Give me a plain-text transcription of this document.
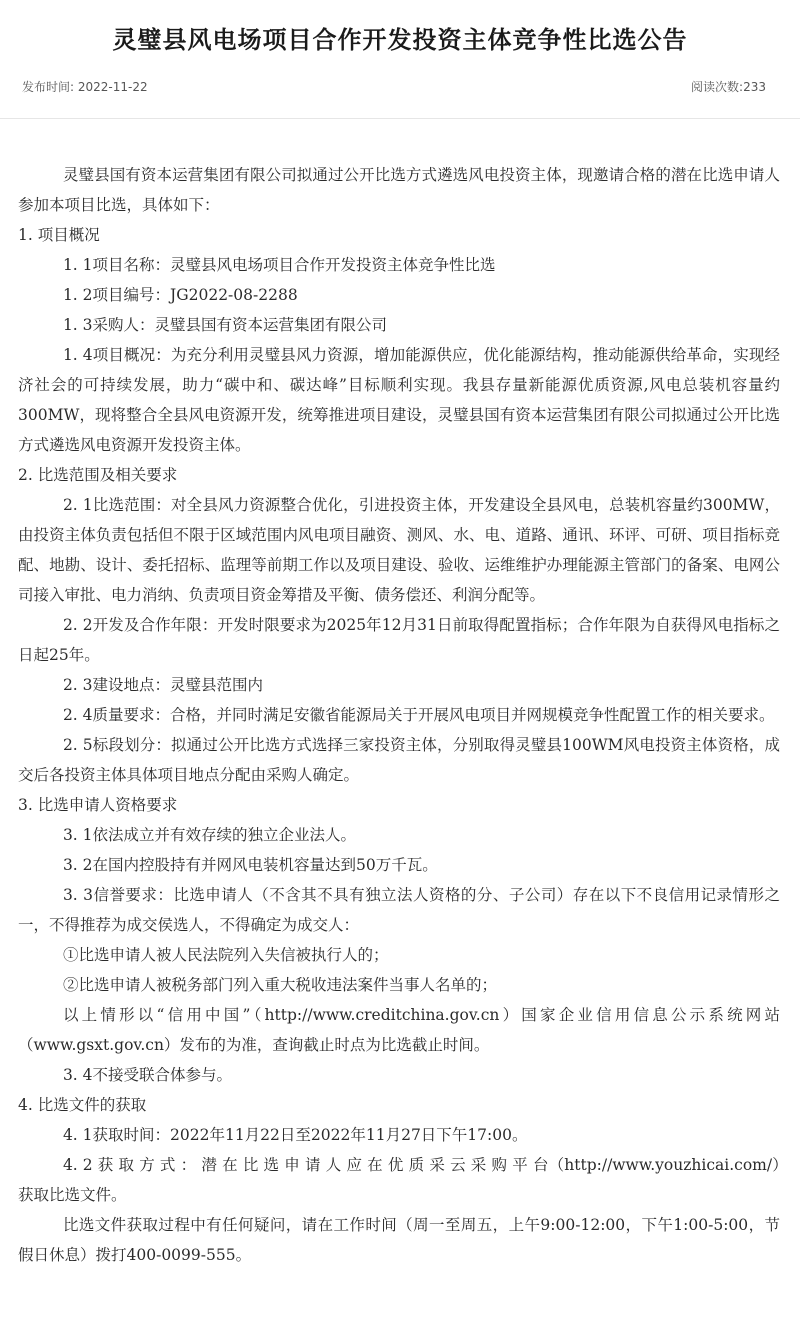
灵璧县风电场项目合作开发投资主体竞争性比选公告
发布时间: 2022-11-22	阅读次数:233

灵璧县国有资本运营集团有限公司拟通过公开比选方式遴选风电投资主体，现邀请合格的潜在比选申请人参加本项目比选，具体如下：

1. 项目概况

1. 1项目名称：灵璧县风电场项目合作开发投资主体竞争性比选

1. 2项目编号：JG2022-08-2288

1. 3采购人：灵璧县国有资本运营集团有限公司

1. 4项目概况：为充分利用灵璧县风力资源，增加能源供应，优化能源结构，推动能源供给革命，实现经济社会的可持续发展，助力“碳中和、碳达峰”目标顺利实现。我县存量新能源优质资源,风电总装机容量约300MW，现将整合全县风电资源开发，统筹推进项目建设，灵璧县国有资本运营集团有限公司拟通过公开比选方式遴选风电资源开发投资主体。

2. 比选范围及相关要求

2. 1比选范围：对全县风力资源整合优化，引进投资主体，开发建设全县风电，总装机容量约300MW，由投资主体负责包括但不限于区域范围内风电项目融资、测风、水、电、道路、通讯、环评、可研、项目指标竞配、地勘、设计、委托招标、监理等前期工作以及项目建设、验收、运维维护办理能源主管部门的备案、电网公司接入审批、电力消纳、负责项目资金筹措及平衡、债务偿还、利润分配等。

2. 2开发及合作年限：开发时限要求为2025年12月31日前取得配置指标；合作年限为自获得风电指标之日起25年。

2. 3建设地点：灵璧县范围内

2. 4质量要求：合格，并同时满足安徽省能源局关于开展风电项目并网规模竞争性配置工作的相关要求。

2. 5标段划分：拟通过公开比选方式选择三家投资主体，分别取得灵璧县100WM风电投资主体资格，成交后各投资主体具体项目地点分配由采购人确定。

3. 比选申请人资格要求

3. 1依法成立并有效存续的独立企业法人。

3. 2在国内控股持有并网风电装机容量达到50万千瓦。

3. 3信誉要求：比选申请人（不含其不具有独立法人资格的分、子公司）存在以下不良信用记录情形之一，不得推荐为成交侯选人，不得确定为成交人：

①比选申请人被人民法院列入失信被执行人的；

②比选申请人被税务部门列入重大税收违法案件当事人名单的；

以上情形以“信用中国”（http://www.creditchina.gov.cn）国家企业信用信息公示系统网站（www.gsxt.gov.cn）发布的为准，查询截止时点为比选截止时间。

3. 4不接受联合体参与。

4. 比选文件的获取

4. 1获取时间：2022年11月22日至2022年11月27日下午17:00。

4. 2 获 取 方 式 ： 潜 在 比 选 申 请 人 应 在 优 质 采 云 采 购 平 台（http://www.youzhicai.com/）获取比选文件。

比选文件获取过程中有任何疑问，请在工作时间（周一至周五，上午9:00-12:00，下午1:00-5:00，节假日休息）拨打400-0099-555。
